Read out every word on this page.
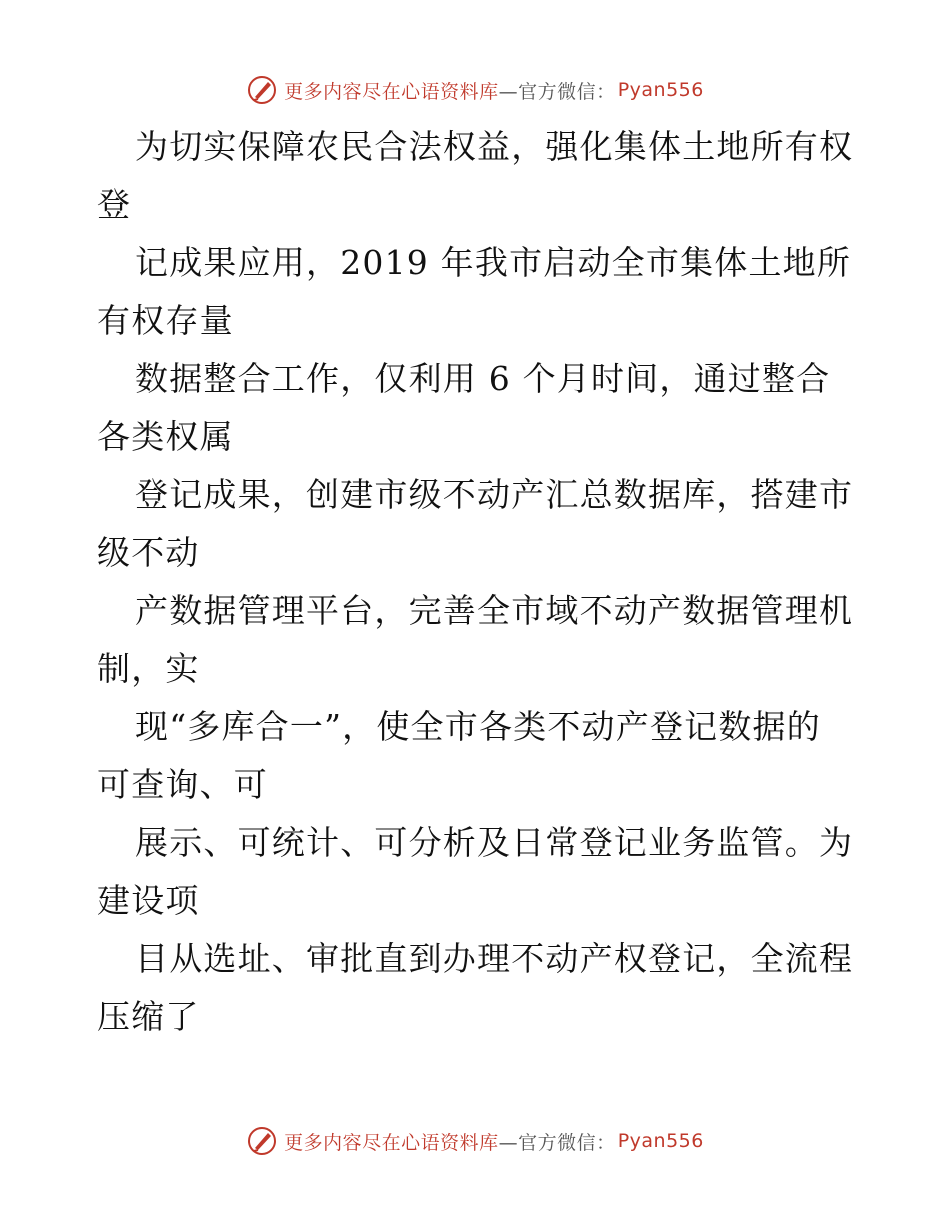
更多内容尽在心语资料库 —官方微信： Pyan556
为切实保障农民合法权益，强化集体土地所有权
登
记成果应用，2019 年我市启动全市集体土地所
有权存量
数据整合工作，仅利用 6 个月时间，通过整合
各类权属
登记成果，创建市级不动产汇总数据库，搭建市
级不动
产数据管理平台，完善全市域不动产数据管理机
制，实
现“多库合一”，使全市各类不动产登记数据的
可查询、可
展示、可统计、可分析及日常登记业务监管。为
建设项
目从选址、审批直到办理不动产权登记，全流程
压缩了
更多内容尽在心语资料库 —官方微信： Pyan556
